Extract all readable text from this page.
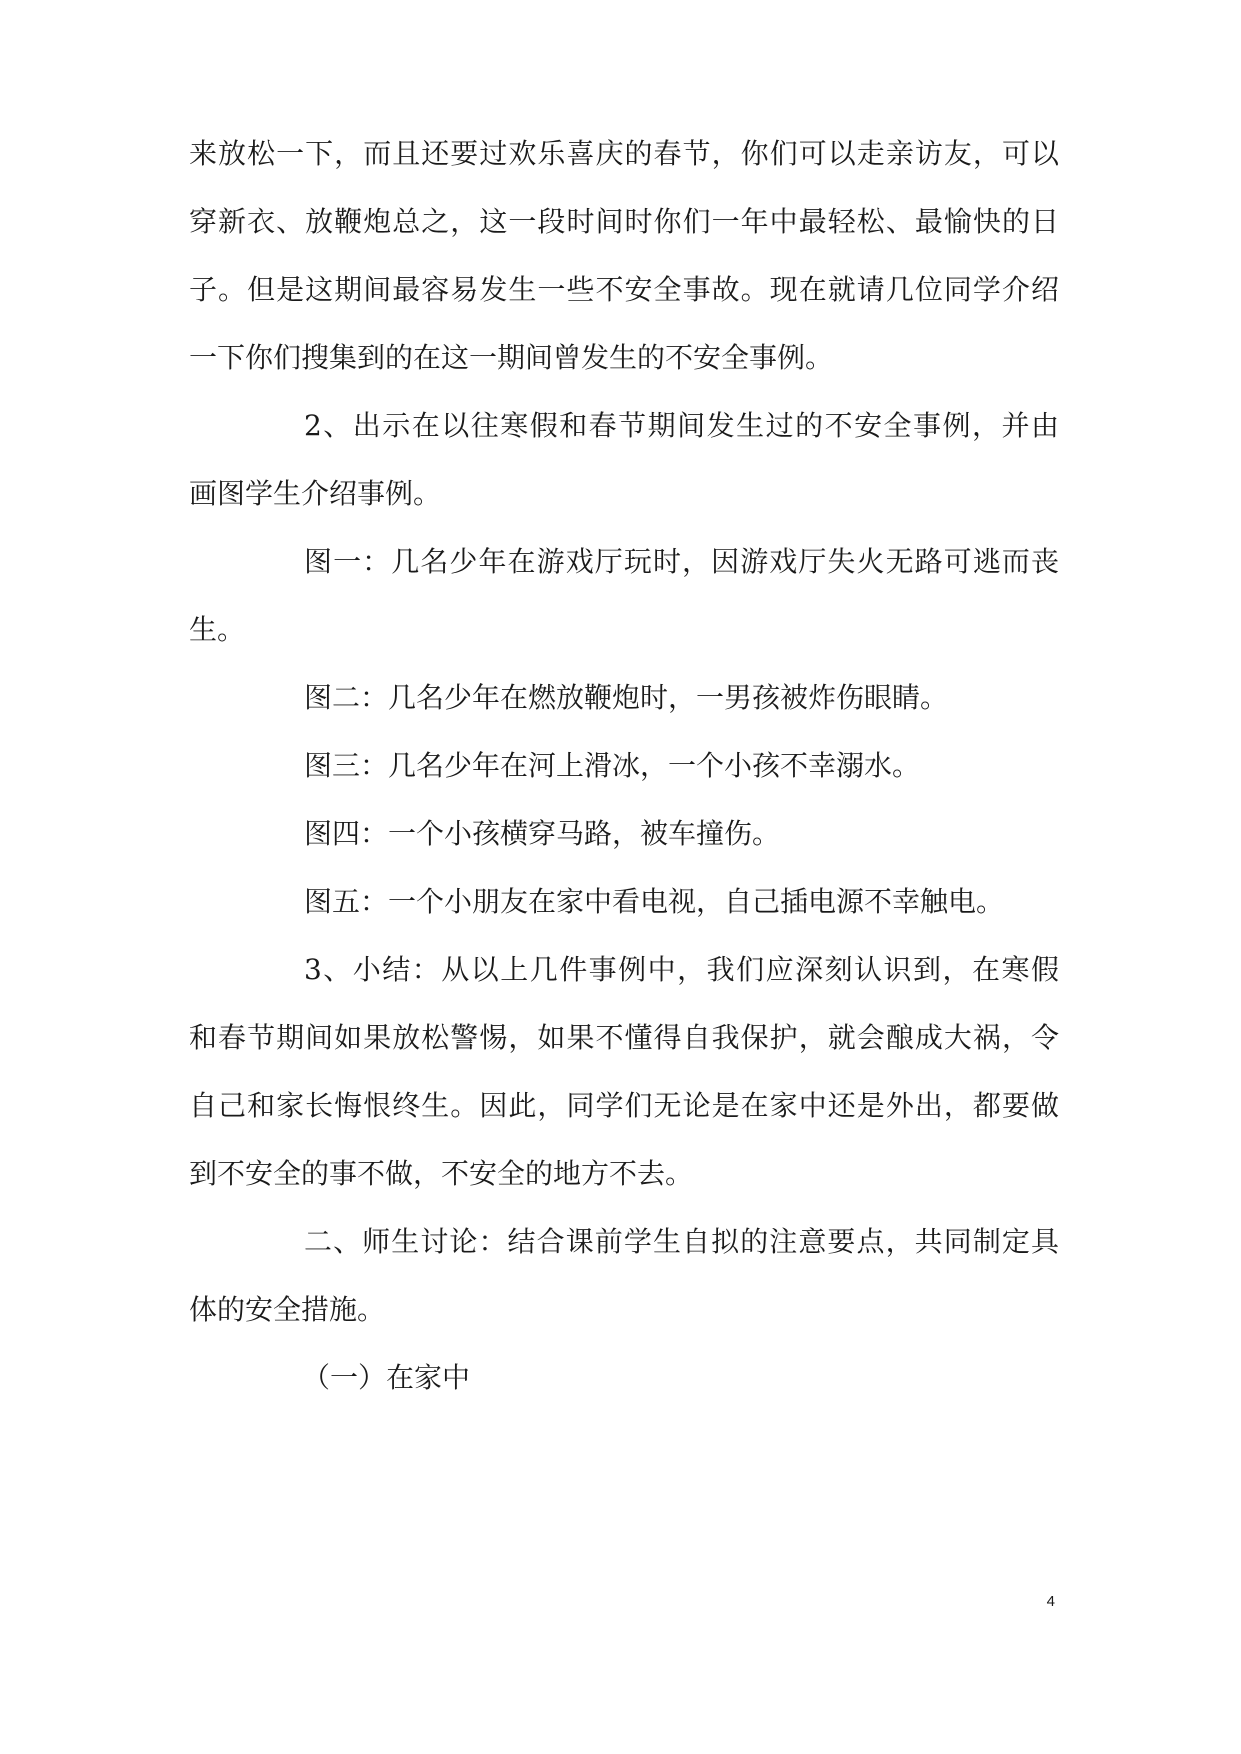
来放松一下，而且还要过欢乐喜庆的春节，你们可以走亲访友，可以

穿新衣、放鞭炮总之，这一段时间时你们一年中最轻松、最愉快的日

子。但是这期间最容易发生一些不安全事故。现在就请几位同学介绍

一下你们搜集到的在这一期间曾发生的不安全事例。

2、出示在以往寒假和春节期间发生过的不安全事例，并由

画图学生介绍事例。

图一：几名少年在游戏厅玩时，因游戏厅失火无路可逃而丧

生。

图二：几名少年在燃放鞭炮时，一男孩被炸伤眼睛。

图三：几名少年在河上滑冰，一个小孩不幸溺水。

图四：一个小孩横穿马路，被车撞伤。

图五：一个小朋友在家中看电视，自己插电源不幸触电。

3、小结：从以上几件事例中，我们应深刻认识到，在寒假

和春节期间如果放松警惕，如果不懂得自我保护，就会酿成大祸，令

自己和家长悔恨终生。因此，同学们无论是在家中还是外出，都要做

到不安全的事不做，不安全的地方不去。

二、师生讨论：结合课前学生自拟的注意要点，共同制定具

体的安全措施。

（一）在家中

4
